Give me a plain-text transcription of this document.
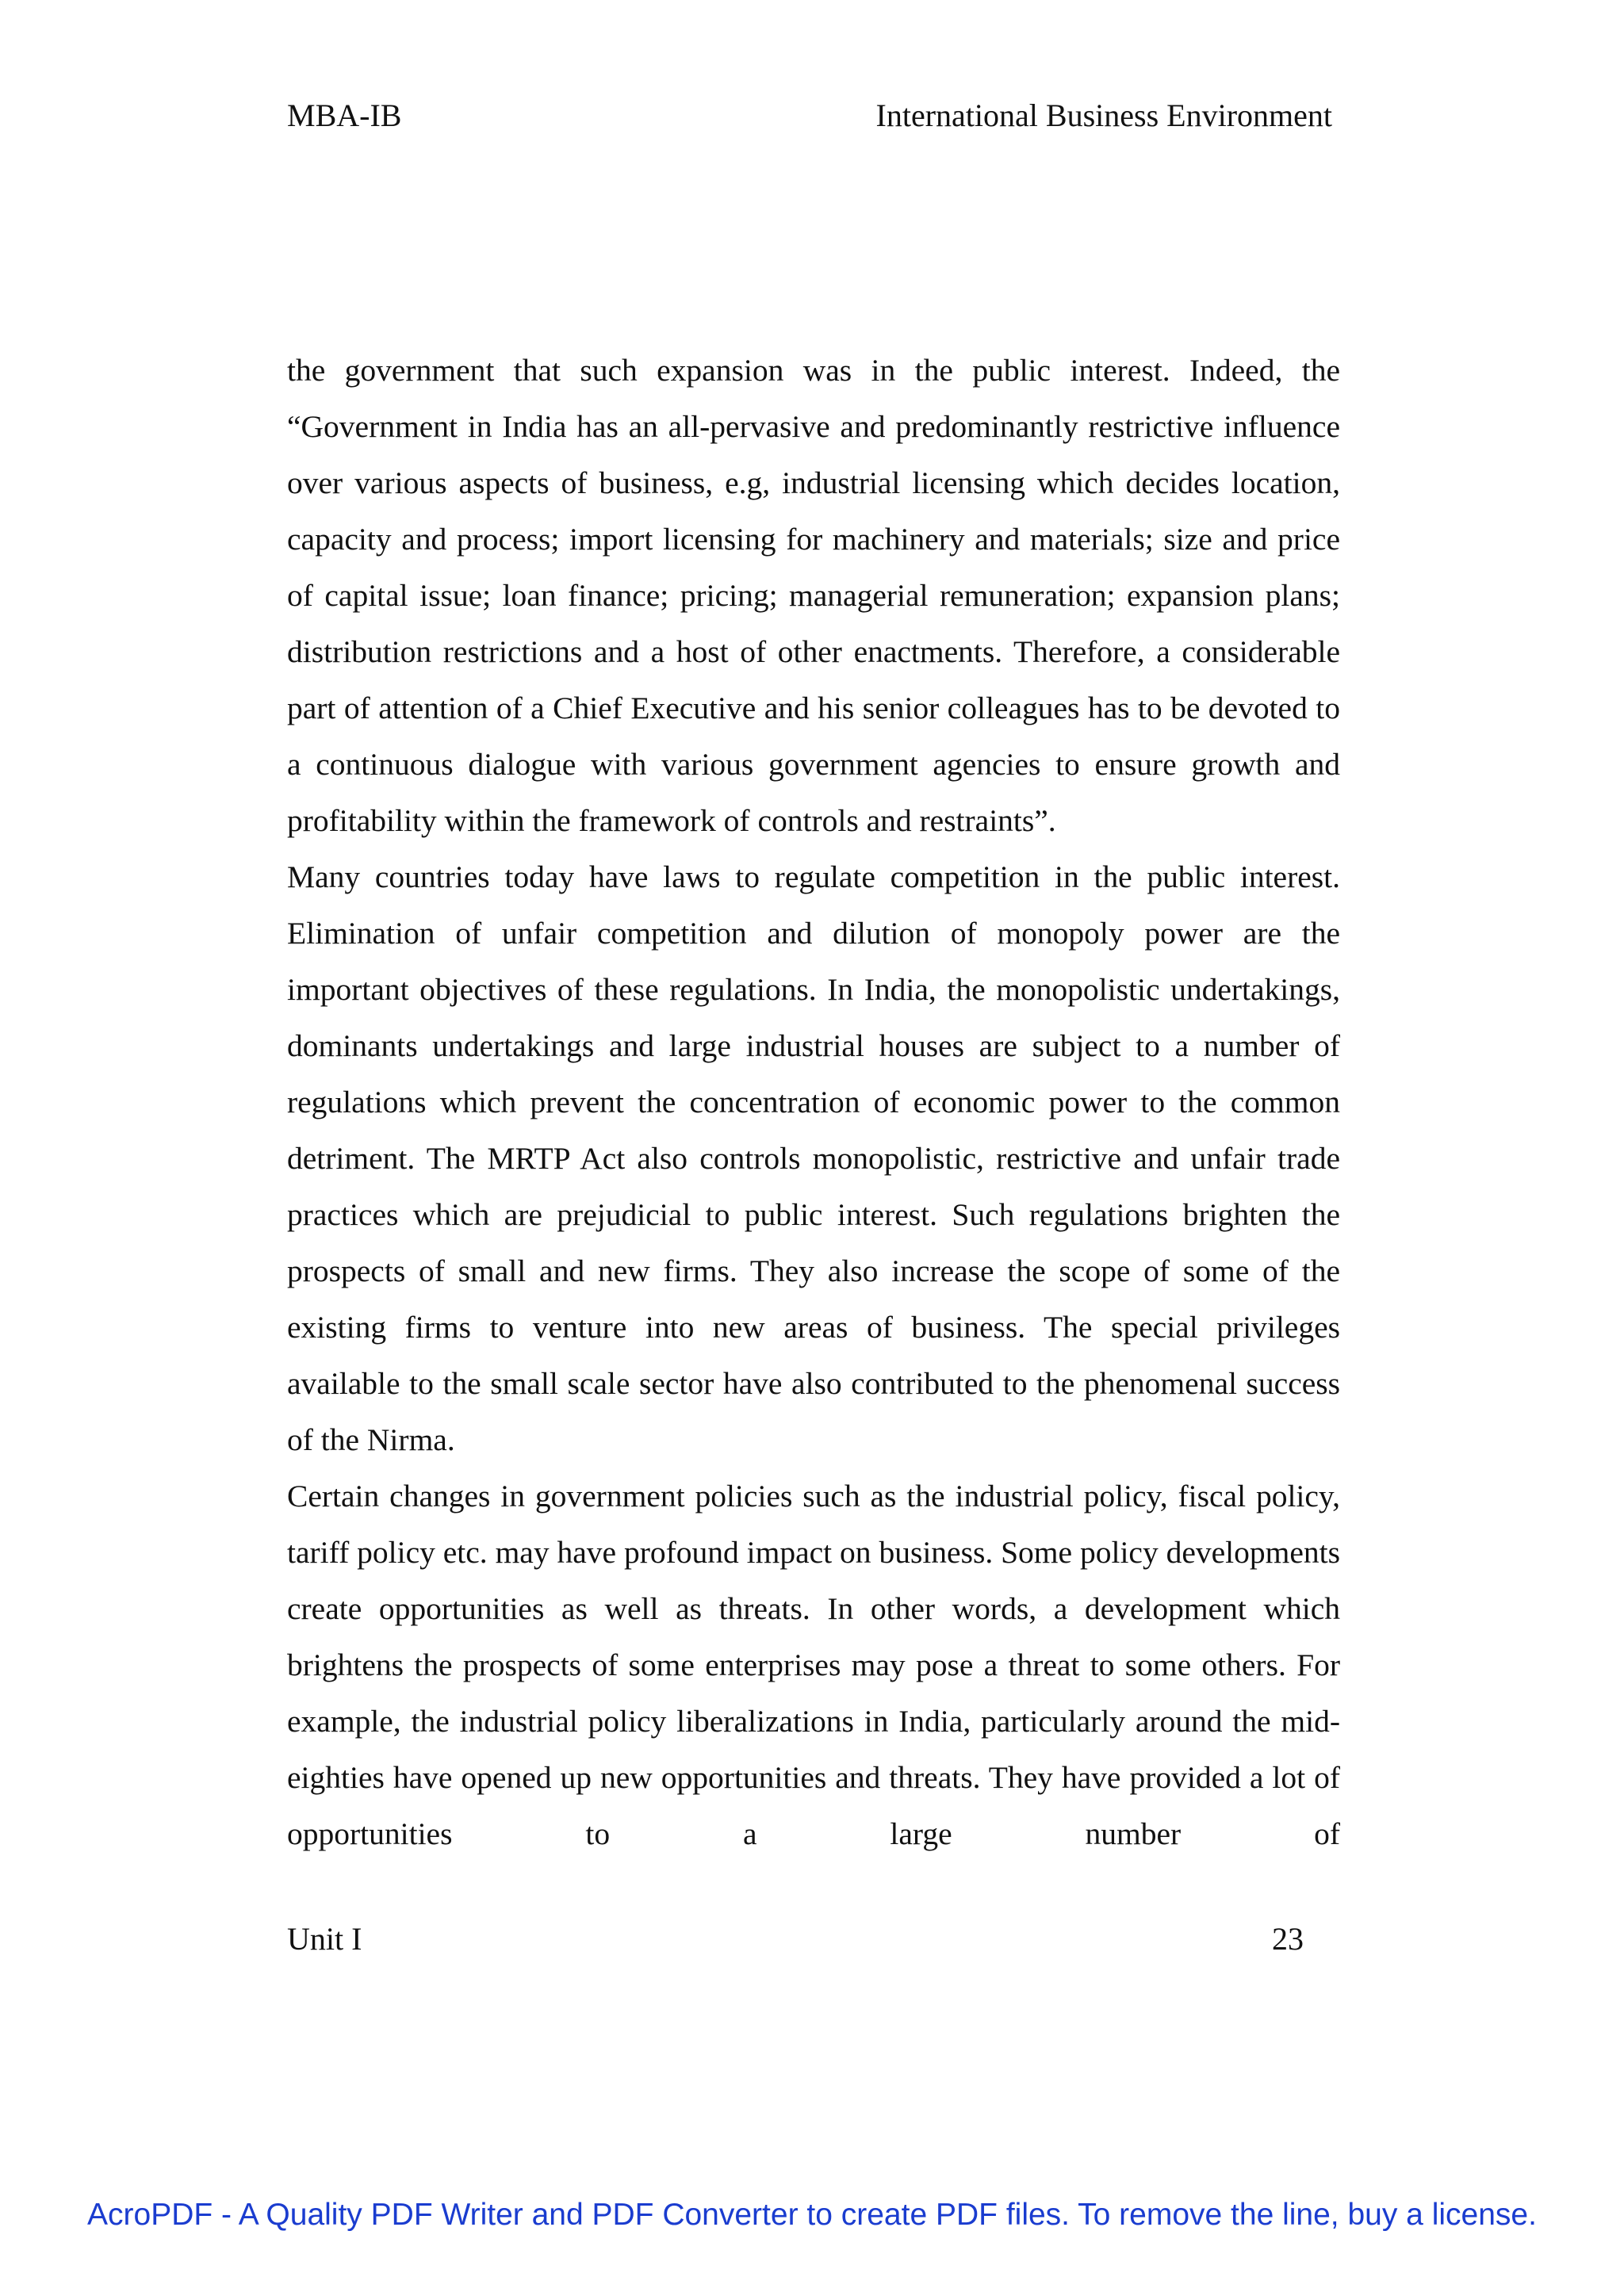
MBA-IB	International Business Environment

the government that such expansion was in the public interest. Indeed, the “Government in India has an all-pervasive and predominantly restrictive influence over various aspects of business, e.g, industrial licensing which decides location, capacity and process; import licensing for machinery and materials; size and price of capital issue; loan finance; pricing; managerial remuneration; expansion plans; distribution restrictions and a host of other enactments. Therefore, a considerable part of attention of a Chief Executive and his senior colleagues has to be devoted to a continuous dialogue with various government agencies to ensure growth and profitability within the framework of controls and restraints”.

Many countries today have laws to regulate competition in the public interest. Elimination of unfair competition and dilution of monopoly power are the important objectives of these regulations. In India, the monopolistic undertakings, dominants undertakings and large industrial houses are subject to a number of regulations which prevent the concentration of economic power to the common detriment. The MRTP Act also controls monopolistic, restrictive and unfair trade practices which are prejudicial to public interest. Such regulations brighten the prospects of small and new firms. They also increase the scope of some of the existing firms to venture into new areas of business. The special privileges available to the small scale sector have also contributed to the phenomenal success of the Nirma.

Certain changes in government policies such as the industrial policy, fiscal policy, tariff policy etc. may have profound impact on business. Some policy developments create opportunities as well as threats. In other words, a development which brightens the prospects of some enterprises may pose a threat to some others. For example, the industrial policy liberalizations in India, particularly around the mid-eighties have opened up new opportunities and threats. They have provided a lot of opportunities to a large number of

Unit I	23
AcroPDF - A Quality PDF Writer and PDF Converter to create PDF files. To remove the line, buy a license.
